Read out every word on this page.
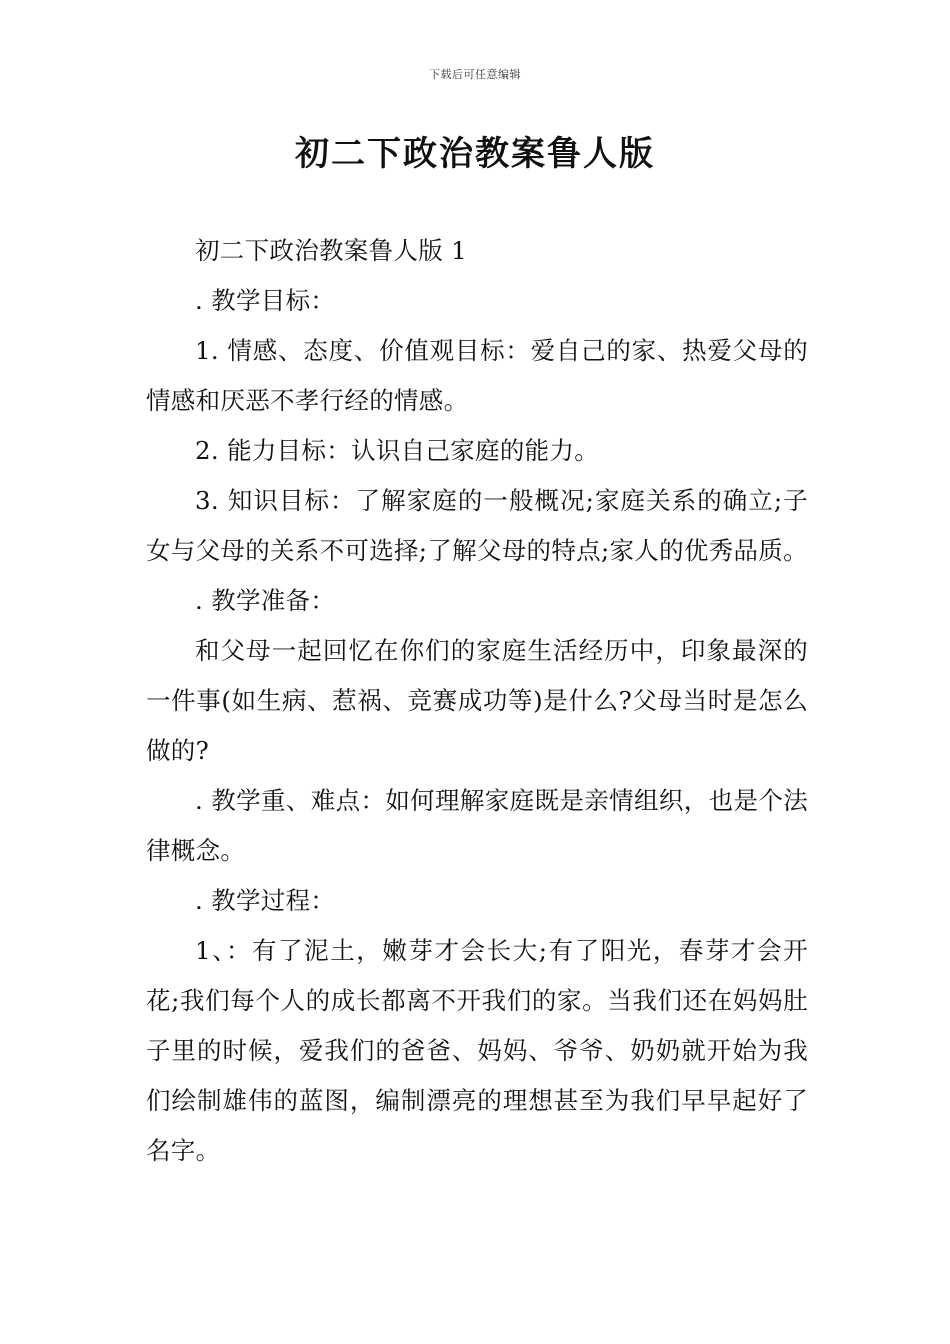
下载后可任意编辑
初二下政治教案鲁人版

初二下政治教案鲁人版 1

. 教学目标：

1. 情感、态度、价值观目标：爱自己的家、热爱父母的情感和厌恶不孝行经的情感。

2. 能力目标：认识自己家庭的能力。

3. 知识目标：了解家庭的一般概况;家庭关系的确立;子女与父母的关系不可选择;了解父母的特点;家人的优秀品质。

. 教学准备：

和父母一起回忆在你们的家庭生活经历中，印象最深的一件事(如生病、惹祸、竞赛成功等)是什么?父母当时是怎么做的?

. 教学重、难点：如何理解家庭既是亲情组织，也是个法律概念。

. 教学过程：

1、：有了泥土，嫩芽才会长大;有了阳光，春芽才会开花;我们每个人的成长都离不开我们的家。当我们还在妈妈肚子里的时候，爱我们的爸爸、妈妈、爷爷、奶奶就开始为我们绘制雄伟的蓝图，编制漂亮的理想甚至为我们早早起好了名字。
